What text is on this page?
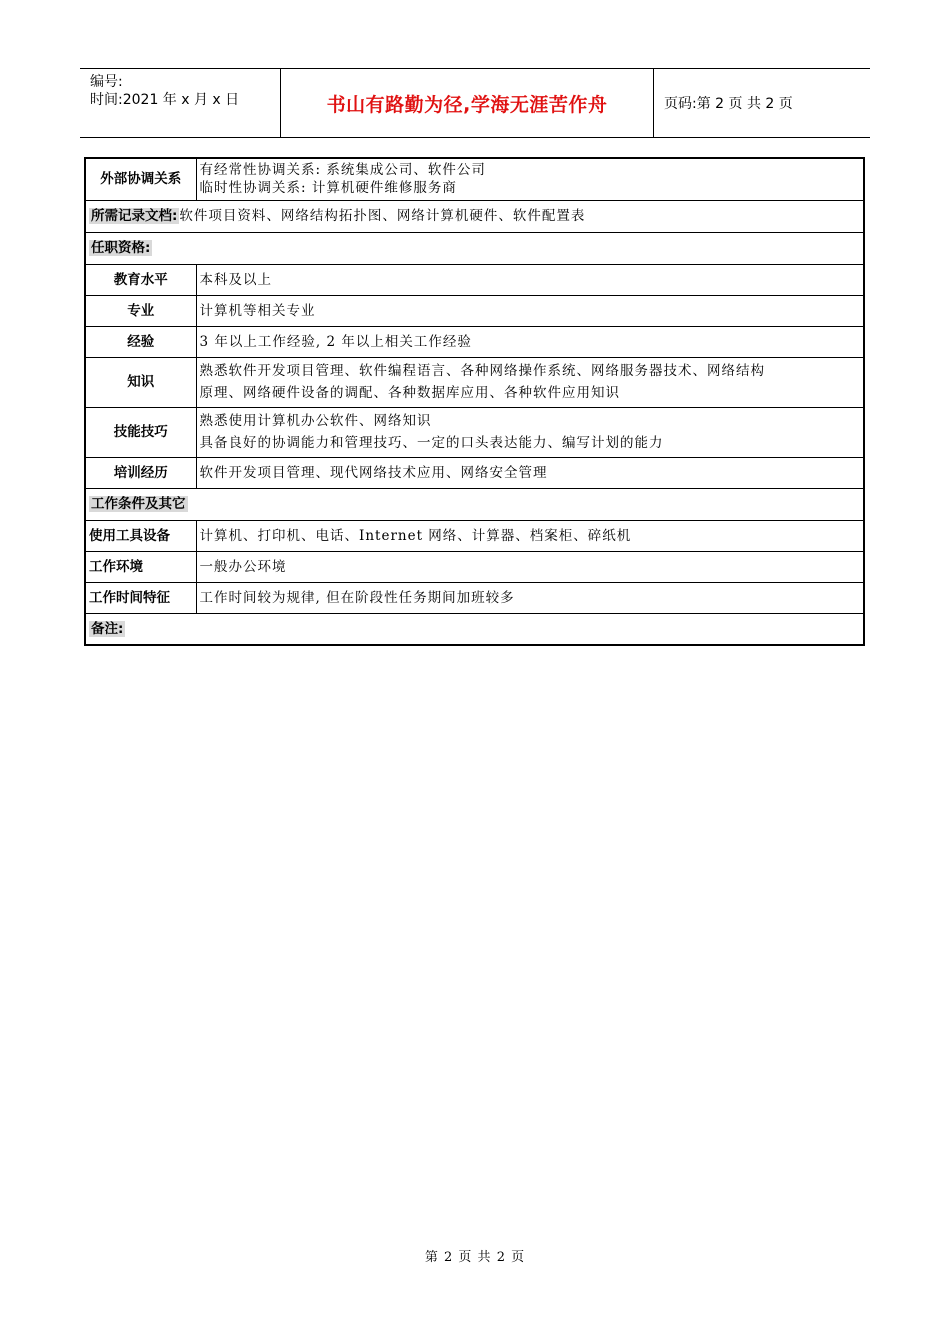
编号:
时间:2021 年 x 月 x 日	书山有路勤为径,学海无涯苦作舟	页码:第 2 页 共 2 页
外部协调关系	有经常性协调关系: 系统集成公司、软件公司
临时性协调关系: 计算机硬件维修服务商

所需记录文档: 软件项目资料、网络结构拓扑图、网络计算机硬件、软件配置表	
任职资格:	
教育水平	本科及以上
专业	计算机等相关专业
经验	3 年以上工作经验, 2 年以上相关工作经验
知识	熟悉软件开发项目管理、软件编程语言、各种网络操作系统、网络服务器技术、网络结构
原理、网络硬件设备的调配、各种数据库应用、各种软件应用知识

技能技巧	熟悉使用计算机办公软件、网络知识
具备良好的协调能力和管理技巧、一定的口头表达能力、编写计划的能力

培训经历	软件开发项目管理、现代网络技术应用、网络安全管理
工作条件及其它	
使用工具设备	计算机、打印机、电话、Internet 网络、计算器、档案柜、碎纸机
工作环境	一般办公环境
工作时间特征	工作时间较为规律, 但在阶段性任务期间加班较多
备注:	
第 2 页 共 2 页
